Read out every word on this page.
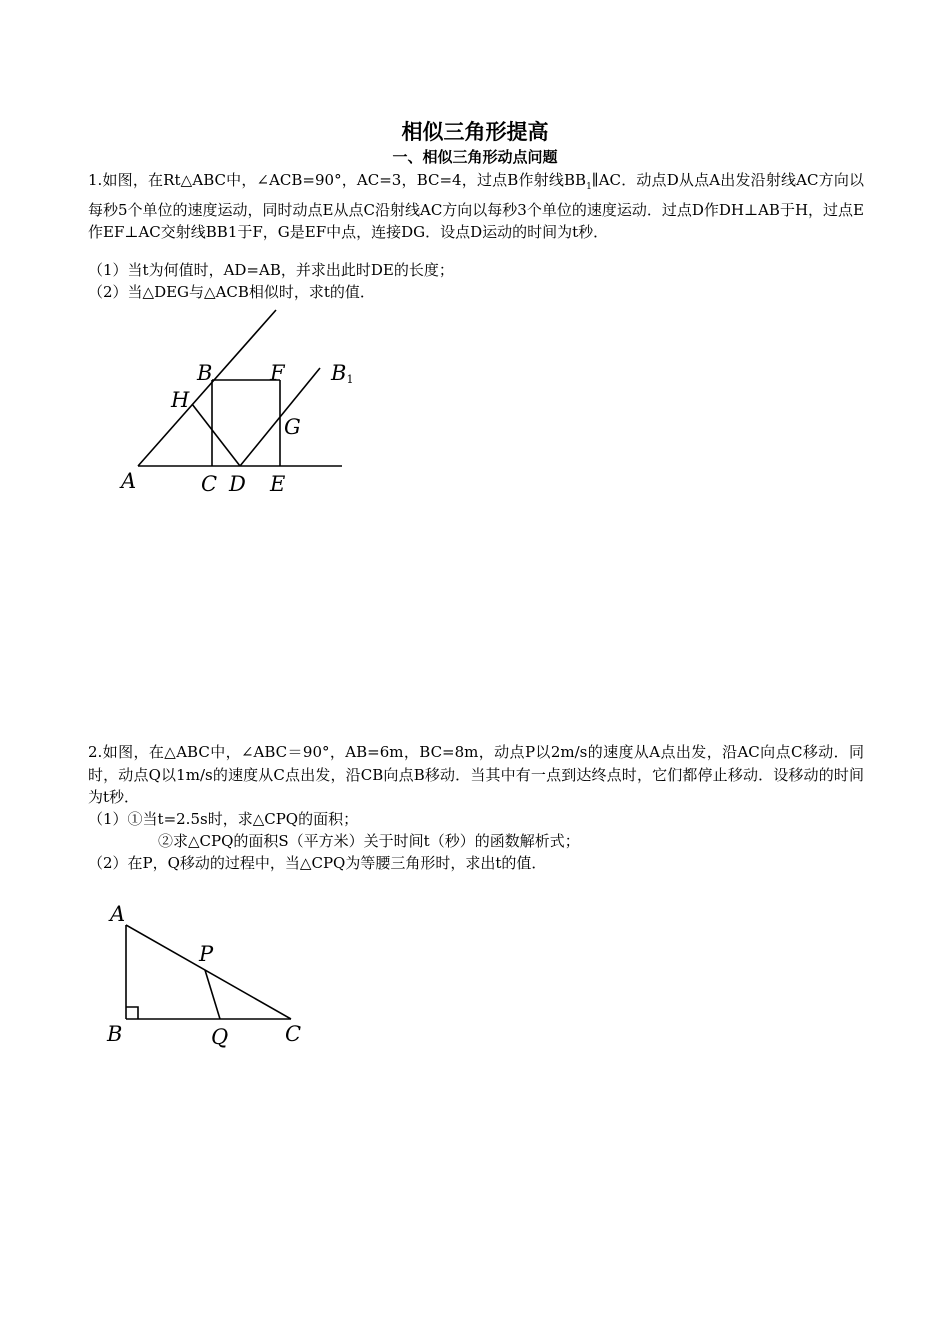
相似三角形提高
一、相似三角形动点问题

1.如图，在Rt△ABC中，∠ACB=90°，AC=3，BC=4，过点B作射线$BB_1\parallel AC$．动点D从点A出发沿射线AC方向以每秒5个单位的速度运动，同时动点E从点C沿射线AC方向以每秒3个单位的速度运动．过点D作DH⊥AB于H，过点E作EF⊥AC交射线BB1于F，G是EF中点，连接DG．设点D运动的时间为t秒．

（1）当t为何值时，AD=AB，并求出此时DE的长度；

（2）当△DEG与△ACB相似时，求t的值．

B	F B1
H
G
A	C D E

2.如图，在△ABC中，∠ABC＝90°，AB=6m，BC=8m，动点P以2m/s的速度从A点出发，沿AC向点C移动．同时，动点Q以1m/s的速度从C点出发，沿CB向点B移动．当其中有一点到达终点时，它们都停止移动．设移动的时间为t秒．

（1）①当t=2.5s时，求△CPQ的面积；

②求△CPQ的面积S（平方米）关于时间t（秒）的函数解析式；

（2）在P，Q移动的过程中，当△CPQ为等腰三角形时，求出t的值．

A
P
B	Q	C
